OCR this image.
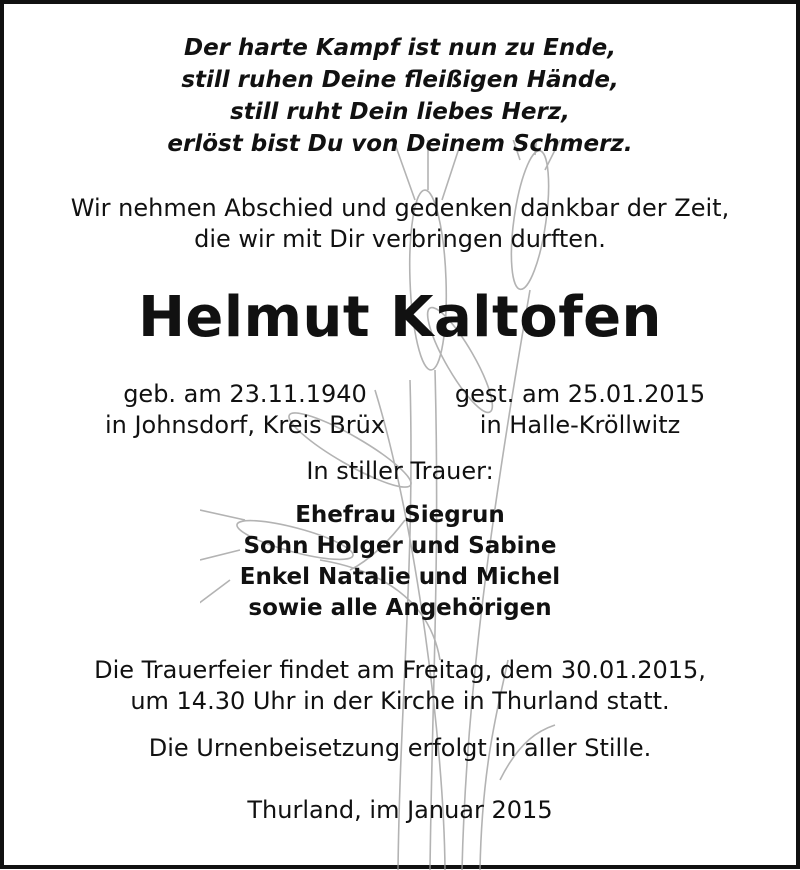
Der harte Kampf ist nun zu Ende,
still ruhen Deine fleißigen Hände,
still ruht Dein liebes Herz,
erlöst bist Du von Deinem Schmerz.
Wir nehmen Abschied und gedenken dankbar der Zeit,
die wir mit Dir verbringen durften.
Helmut Kaltofen
geb. am 23.11.1940
in Johnsdorf, Kreis Brüx
gest. am 25.01.2015
in Halle-Kröllwitz
In stiller Trauer:
Ehefrau Siegrun
Sohn Holger und Sabine
Enkel Natalie und Michel
sowie alle Angehörigen
Die Trauerfeier findet am Freitag, dem 30.01.2015,
um 14.30 Uhr in der Kirche in Thurland statt.
Die Urnenbeisetzung erfolgt in aller Stille.
Thurland, im Januar 2015
